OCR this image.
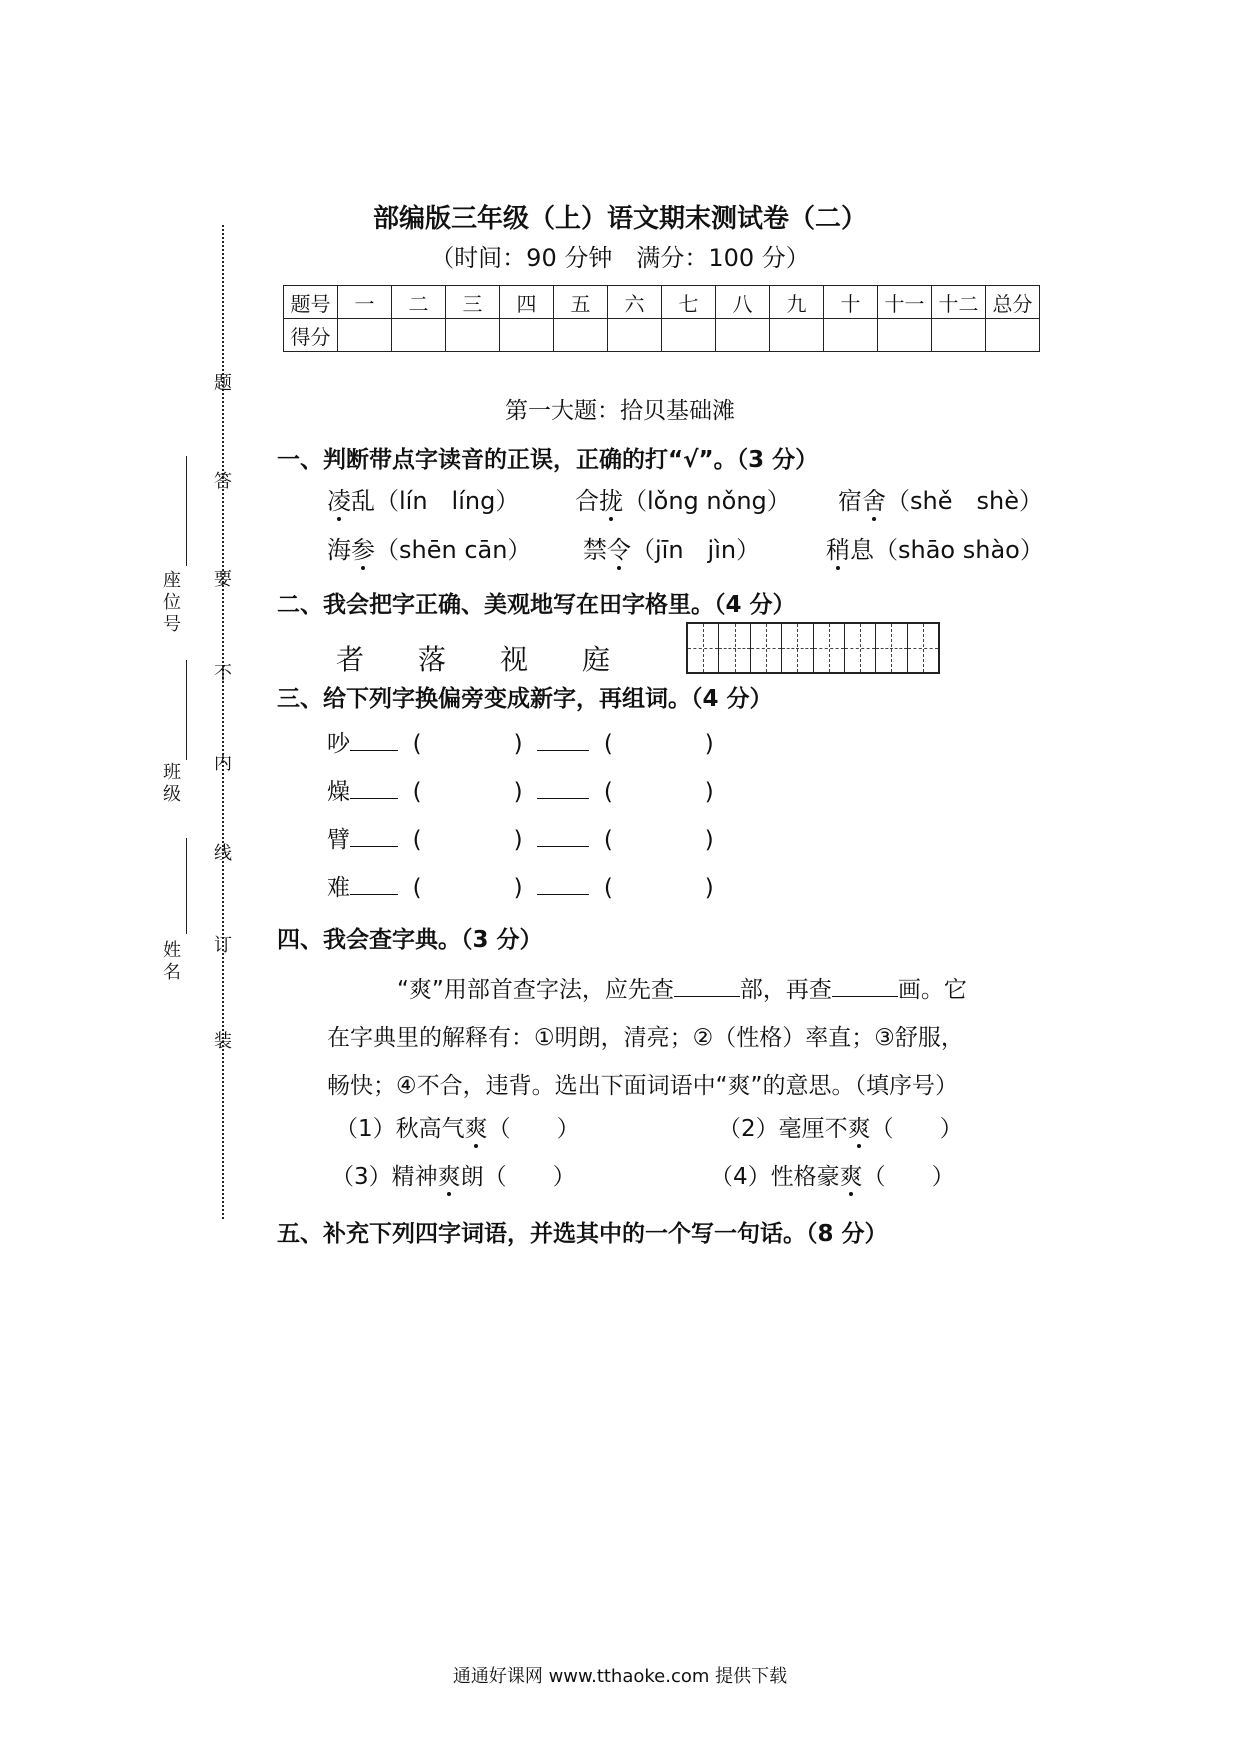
题
答
要
不
内
线
订
装
座位号
班级
姓名
部编版三年级（上）语文期末测试卷（二）
（时间：90 分钟　满分：100 分）
题号	一	二	三	四	五	六	七	八	九	十	十一	十二	总分
得分													
第一大题：拾贝基础滩
一、判断带点字读音的正误，正确的打“√”。（3 分）
凌乱（lín　líng） 合拢（lǒng nǒng） 宿舍（shě　shè）
海参（shēn cān） 禁令（jīn　jìn）	稍息（shāo shào）
二、我会把字正确、美观地写在田字格里。（4 分）
者 落 视 庭
三、给下列字换偏旁变成新字，再组词。（4 分）
吵  (　　　　)    (　　　　)
燥  (　　　　)    (　　　　)
臂  (　　　　)    (　　　　)
难  (　　　　)    (　　　　)
四、我会查字典。（3 分）
“爽”用部首查字法，应先查	部，再查	画。它
在字典里的解释有：①明朗，清亮；②（性格）率直；③舒服，
畅快；④不合，违背。选出下面词语中“爽”的意思。（填序号）
（1）秋高气爽（　　）	（2）毫厘不爽（　　）
（3）精神爽朗（　　）	（4）性格豪爽（　　）
五、补充下列四字词语，并选其中的一个写一句话。（8 分）
通通好课网 www.tthaoke.com 提供下载
